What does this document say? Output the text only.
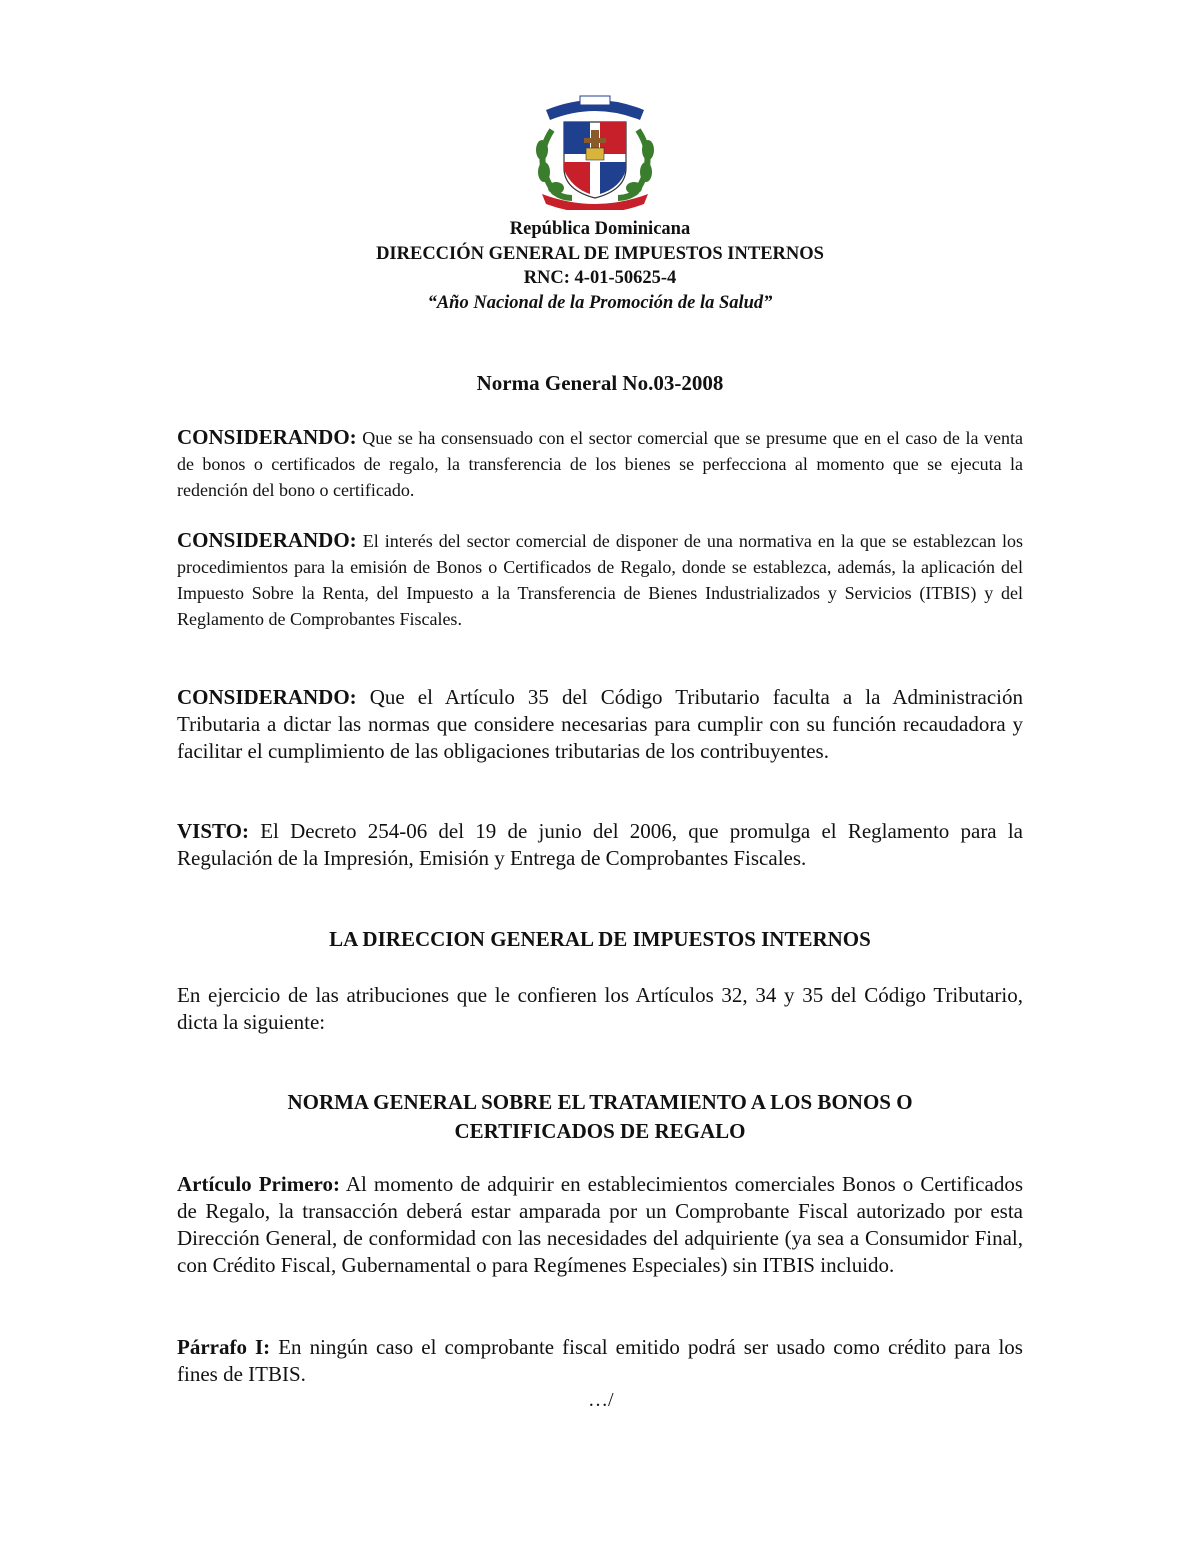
República Dominicana
DIRECCIÓN GENERAL DE IMPUESTOS INTERNOS
RNC: 4-01-50625-4
“Año Nacional de la Promoción de la Salud”
Norma General No.03-2008
CONSIDERANDO: Que se ha consensuado con el sector comercial que se presume que en el caso de la venta de bonos o certificados de regalo, la transferencia de los bienes se perfecciona al momento que se ejecuta la redención del bono o certificado.
CONSIDERANDO: El interés del sector comercial de disponer de una normativa en la que se establezcan los procedimientos para la emisión de Bonos o Certificados de Regalo, donde se establezca, además, la aplicación del Impuesto Sobre la Renta, del Impuesto a la Transferencia de Bienes Industrializados y Servicios (ITBIS) y del Reglamento de Comprobantes Fiscales.
CONSIDERANDO: Que el Artículo 35 del Código Tributario faculta a la Administración Tributaria a dictar las normas que considere necesarias para cumplir con su función recaudadora y facilitar el cumplimiento de las obligaciones tributarias de los contribuyentes.
VISTO: El Decreto 254-06 del 19 de junio del 2006, que promulga el Reglamento para la Regulación de la Impresión, Emisión y Entrega de Comprobantes Fiscales.
LA DIRECCION GENERAL DE IMPUESTOS INTERNOS
En ejercicio de las atribuciones que le confieren los Artículos 32, 34 y 35 del Código Tributario, dicta la siguiente:
NORMA GENERAL SOBRE EL TRATAMIENTO A LOS BONOS O
CERTIFICADOS DE REGALO
Artículo Primero: Al momento de adquirir en establecimientos comerciales Bonos o Certificados de Regalo, la transacción deberá estar amparada por un Comprobante Fiscal autorizado por esta Dirección General, de conformidad con las necesidades del adquiriente (ya sea a Consumidor Final, con Crédito Fiscal, Gubernamental o para Regímenes Especiales) sin ITBIS incluido.
Párrafo I: En ningún caso el comprobante fiscal emitido podrá ser usado como crédito para los fines de ITBIS.
…/
